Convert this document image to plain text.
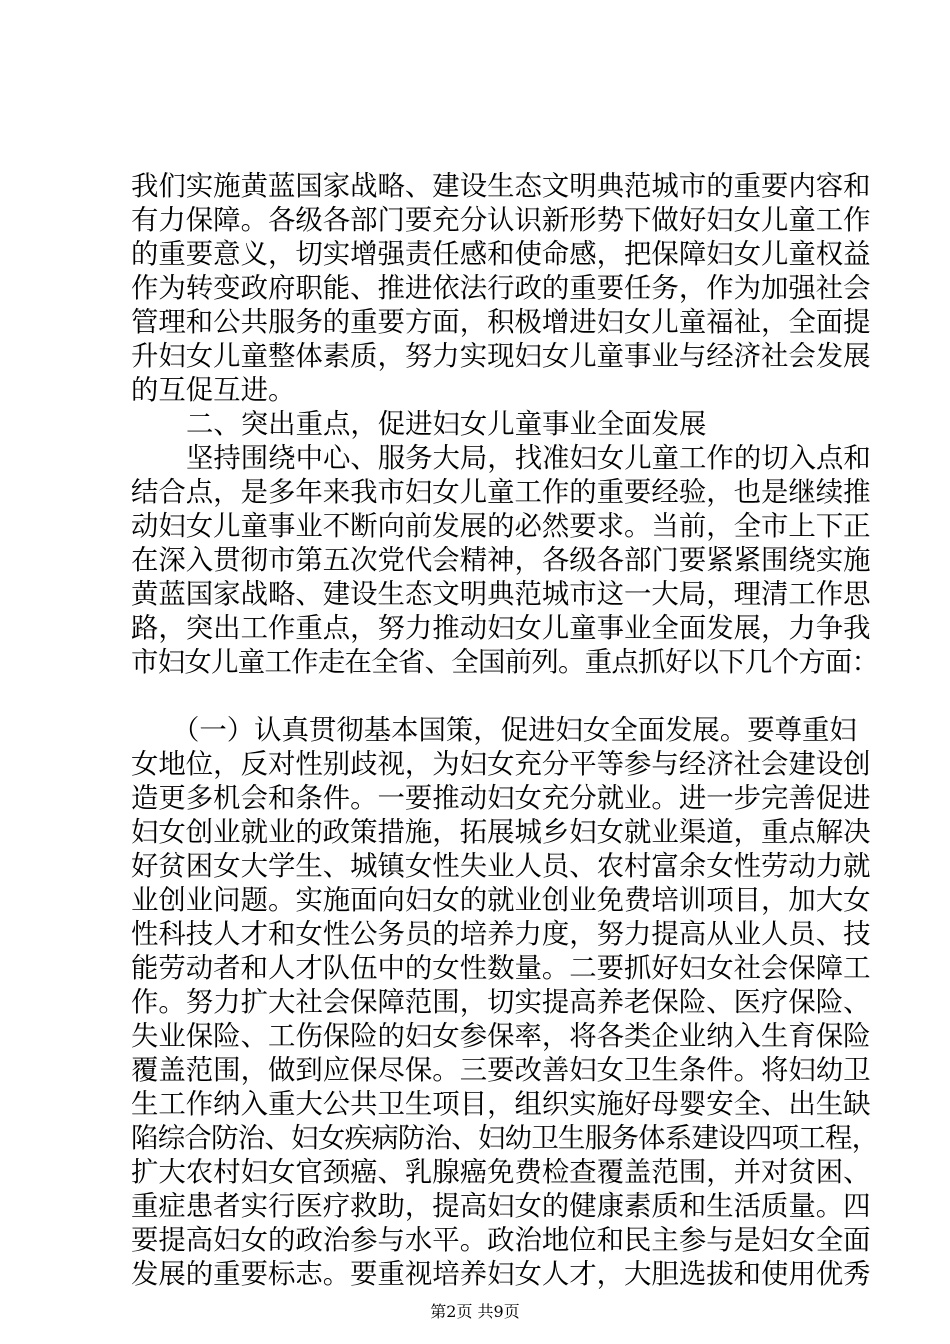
我们实施黄蓝国家战略、建设生态文明典范城市的重要内容和
有力保障。各级各部门要充分认识新形势下做好妇女儿童工作
的重要意义，切实增强责任感和使命感，把保障妇女儿童权益
作为转变政府职能、推进依法行政的重要任务，作为加强社会
管理和公共服务的重要方面，积极增进妇女儿童福祉，全面提
升妇女儿童整体素质，努力实现妇女儿童事业与经济社会发展
的互促互进。
二、突出重点，促进妇女儿童事业全面发展
坚持围绕中心、服务大局，找准妇女儿童工作的切入点和
结合点，是多年来我市妇女儿童工作的重要经验，也是继续推
动妇女儿童事业不断向前发展的必然要求。当前，全市上下正
在深入贯彻市第五次党代会精神，各级各部门要紧紧围绕实施
黄蓝国家战略、建设生态文明典范城市这一大局，理清工作思
路，突出工作重点，努力推动妇女儿童事业全面发展，力争我
市妇女儿童工作走在全省、全国前列。重点抓好以下几个方面：
（一）认真贯彻基本国策，促进妇女全面发展。要尊重妇
女地位，反对性别歧视，为妇女充分平等参与经济社会建设创
造更多机会和条件。一要推动妇女充分就业。进一步完善促进
妇女创业就业的政策措施，拓展城乡妇女就业渠道，重点解决
好贫困女大学生、城镇女性失业人员、农村富余女性劳动力就
业创业问题。实施面向妇女的就业创业免费培训项目，加大女
性科技人才和女性公务员的培养力度，努力提高从业人员、技
能劳动者和人才队伍中的女性数量。二要抓好妇女社会保障工
作。努力扩大社会保障范围，切实提高养老保险、医疗保险、
失业保险、工伤保险的妇女参保率，将各类企业纳入生育保险
覆盖范围，做到应保尽保。三要改善妇女卫生条件。将妇幼卫
生工作纳入重大公共卫生项目，组织实施好母婴安全、出生缺
陷综合防治、妇女疾病防治、妇幼卫生服务体系建设四项工程，
扩大农村妇女官颈癌、乳腺癌免费检查覆盖范围，并对贫困、
重症患者实行医疗救助，提高妇女的健康素质和生活质量。四
要提高妇女的政治参与水平。政治地位和民主参与是妇女全面
发展的重要标志。要重视培养妇女人才，大胆选拔和使用优秀
第2页 共9页
